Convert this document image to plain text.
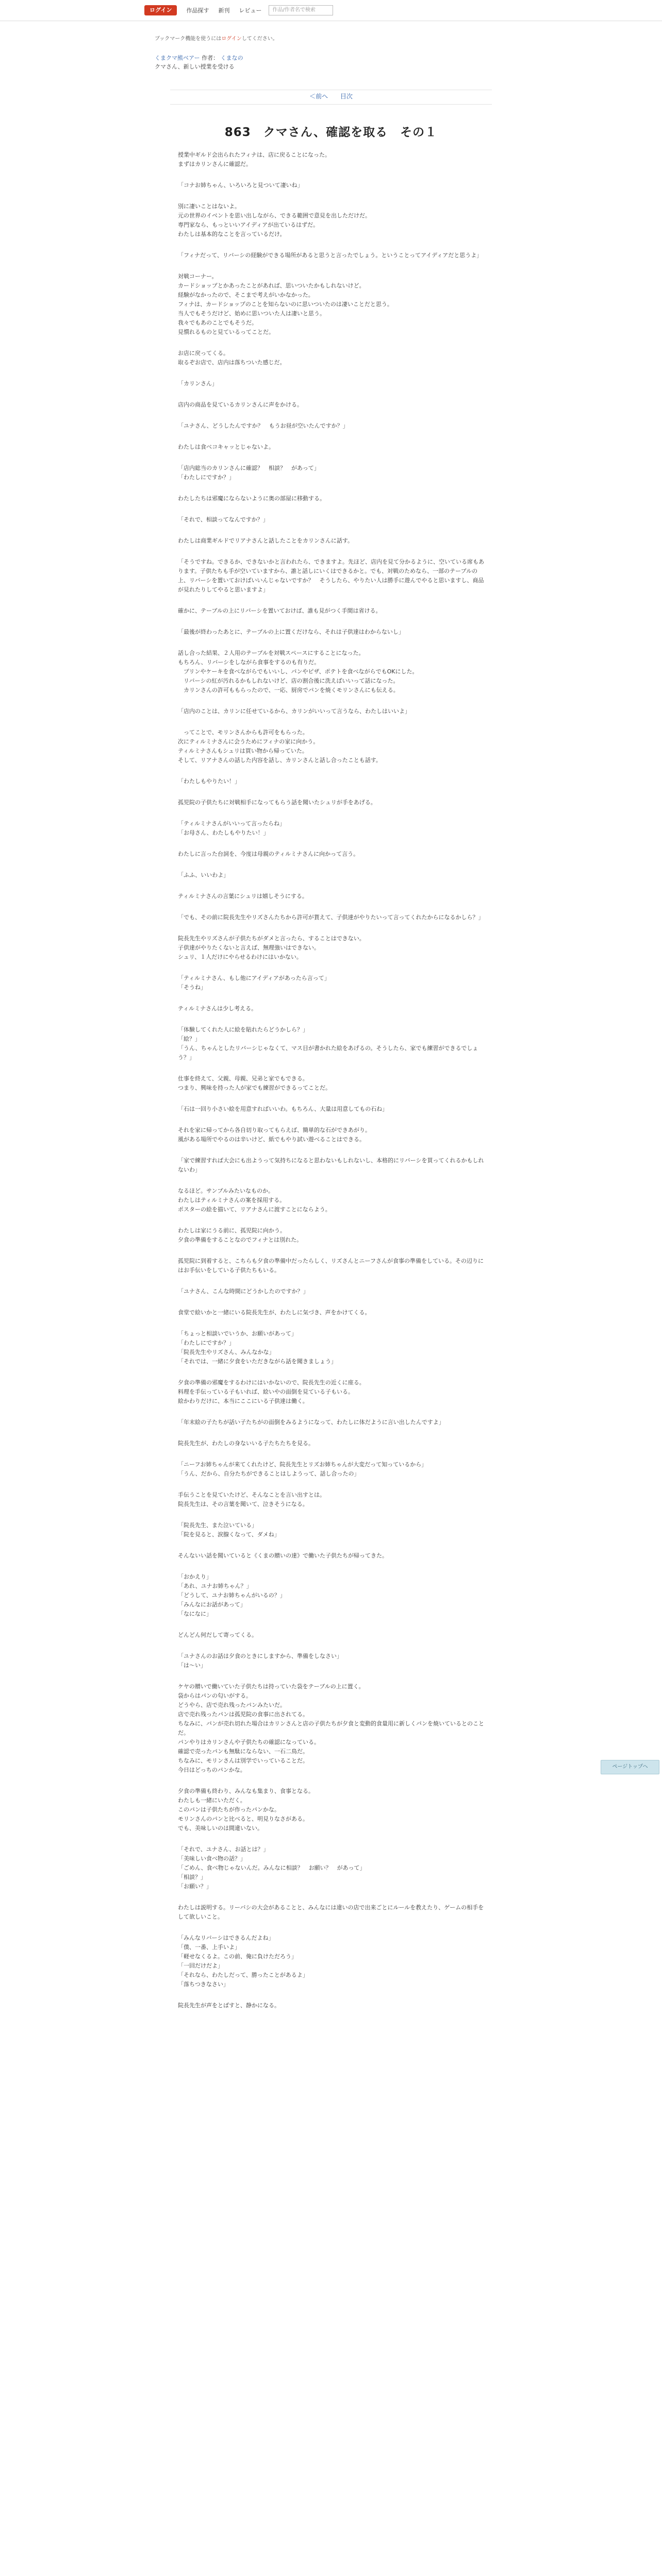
ログイン	作品探す 新刊 レビュー	作品/作者名で検索
ブックマーク機能を使うにはログインしてください。
くまクマ熊ベアー 作者： くまなの
クマさん、新しい授業を受ける
＜前へ 目次
863　クマさん、確認を取る　その１

授業中ギルド会出られたフィナは、店に戻ることになった。
まずはカリンさんに確認だ。

「コナお姉ちゃん、いろいろと見ついて凄いね」

別に凄いことはないよ。
元の世界のイベントを思い出しながら、できる範囲で意見を出しただけだ。
専門家なら、もっといいアイディアが出ているはずだ。
わたしは基本的なことを言っているだけ。

「フィナだって、リバーシの経験ができる場所があると思うと言ったでしょう。ということってアイディアだと思うよ」

対戦コーナー。
カードショップとかあったことがあれば、思いついたかもしれないけど。
経験がなかったので、そこまで考えがいかなかった。
フィナは、カードショップのことを知らないのに思いついたのは凄いことだと思う。
当人でもそうだけど、始めに思いついた人は凄いと思う。
我々でもあのことでもそうだ。
見慣れるものと見ているってことだ。

お店に戻ってくる。
取るぞお店で、店内は落ちついた感じだ。

「カリンさん」

店内の商品を見ているカリンさんに声をかける。

「ユナさん、どうしたんですか？　もうお昼が空いたんですか？」

わたしは食べコキャッとじゃないよ。

「店内総当のカリンさんに確認？　相談？　があって」
「わたしにですか？」

わたしたちは邪魔にならないように奥の部屋に移動する。

「それで、相談ってなんですか？」

わたしは商業ギルドでリアナさんと話したことをカリンさんに話す。

「そうですね。できるか、できないかと言われたら、できますよ。先ほど、店内を見て分かるように、空いている席もあります。子供たちも手が空いていますから、誰と話しにいくはできるかと。でも、対戦のためなら、一部のテーブルの上、リバーシを置いておけばいいんじゃないですか？　そうしたら、やりたい人は勝手に遊んでやると思いますし、商品が見れたりしてやると思いますよ」

確かに、テーブルの上にリバーシを置いておけば、誰も見がつく手間は省ける。

「最後が終わったあとに、テーブルの上に置くだけなら、それは子供達はわからないし」

話し合った結果、２人用のテーブルを対戦スペースにすることになった。
もちろん、リバーシをしながら食事をするのも有りだ。
　プリンやケーキを食べながらでもいいし、パンやピザ、ポテトを食べながらでもOKにした。
　リバーシの紅が汚れるかもしれないけど、店の割合後に洗えばいいって話になった。
　カリンさんの許可ももらったので、一応、厨房でパンを焼くモリンさんにも伝える。

「店内のことは、カリンに任せているから、カリンがいいって言うなら、わたしはいいよ」

　ってことで、モリンさんからも許可をもらった。
次にティルミナさんに会うためにフィナの家に向かう。
ティルミナさんもシュリは買い物から帰っていた。
そして、リアナさんの話した内容を話し、カリンさんと話し合ったことも話す。

「わたしもやりたい！」

孤児院の子供たちに対戦相手になってもらう話を聞いたシュリが手をあげる。

「ティルミナさんがいいって言ったらね」
「お母さん、わたしもやりたい！」

わたしに言った台詞を、今度は母親のティルミナさんに向かって言う。

「ふふ、いいわよ」

ティルミナさんの言葉にシュリは嬉しそうにする。

「でも、その前に院長先生やリズさんたちから許可が貰えて、子供達がやりたいって言ってくれたからになるかしら？」

院長先生やリズさんが子供たちがダメと言ったら、することはできない。
子供達がやりたくないと言えば、無理強いはできない。
シュリ、１人だけにやらせるわけにはいかない。

「ティルミナさん、もし他にアイディアがあったら言って」
「そうね」

ティルミナさんは少し考える。

「体験してくれた人に絵を貼れたらどうかしら？」
「絵？」
「うん、ちゃんとしたリバーシじゃなくて、マス目が書かれた絵をあげるの。そうしたら、家でも練習ができるでしょう？」

仕事を終えて、父親、母親、兄弟と家でもできる。
つまり、興味を持った人が家でも練習ができるってことだ。

「石は一回り小さい絵を用意すればいいわ。もちろん、大量は用意してもの石ね」

それを家に帰ってから各自切り取ってもらえば、簡単的な石ができあがり。
風がある場所でやるのは辛いけど、紙でもやり試い遊べることはできる。

「家で練習すれば大会にも出ようって気持ちになると思わないもしれないし、本格的にリバーシを買ってくれるかもしれないわ」

なるほど。サンプルみたいなものか。
わたしはティルミナさんの案を採用する。
ポスターの絵を描いて、リアナさんに渡すことにならよう。

わたしは家にうる前に、孤児院に向かう。
夕食の準備をすることなのでフィナとは別れた。

孤児院に到着すると、こちらも夕食の準備中だったらしく、リズさんとニーフさんが食事の準備をしている。その辺りにはお手伝いをしている子供たちもいる。

「ユナさん、こんな時間にどうかしたのですか？」

食堂で絵いかと一緒にいる院長先生が、わたしに気づき、声をかけてくる。

「ちょっと相談いでいうか、お願いがあって」
「わたしにですか？」
「院長先生やリズさん、みんなかな」
「それでは、一緒に夕食をいただきながら話を聞きましょう」

夕食の準備の邪魔をするわけにはいかないので、院長先生の近くに座る。
料理を手伝っている子もいれば、絵いやの面倒を見ている子もいる。
絵かわりだけに、本当にここにいる子供達は働く。

「年末絵の子たちが話い子たちがの面倒をみるようになって、わたしに体だように言い出したんですよ」

院長先生が、わたしの身ないいる子たちたちを見る。

「ニーフお姉ちゃんが来てくれたけど、院長先生とリズお姉ちゃんが大変だって知っているから」
「うん、だから、自分たちができることはしようって、話し合ったの」

手伝うことを見ていたけど、そんなことを言い出すとは。
院長先生は、その言葉を聞いて、泣きそうになる。

「院長先生、また泣いている」
「院を見ると、涙腺くなって、ダメね」

そんないい話を聞いていると《くまの贈いの達》で働いた子供たちが帰ってきた。

「おかえり」
「あれ、ユナお姉ちゃん？」
「どうして、ユナお姉ちゃんがいるの？」
「みんなにお話があって」
「なになに」

どんどん何だして寄ってくる。

「ユナさんのお話は夕食のときにしますから、準備をしなさい」
「は〜い」

ケヤの贈いで働いていた子供たちは持っていた袋をテーブルの上に置く。
袋からはパンの匂いがする。
どうやら、店で売れ残ったパンみたいだ。
店で売れ残ったパンは孤児院の食事に出されてる。
ちなみに、パンが売れ切れた場合はカリンさんと店の子供たちが夕食と変動的食量用に新しくパンを焼いているとのことだ。
パンやりはカリンさんや子供たちの確認になっている。
確認で売ったパンも無駄にならない、一石二鳥だ。
ちなみに、モリンさんは別学でいっていることだ。
今日はどっちのパンかな。

夕食の準備も終わり、みんなも集まり、食事となる。
わたしも一緒にいただく。
このパンは子供たちが作ったパンかな。
モリンさんのパンと比べると、明見りなさがある。
でも、美味しいのは間違いない。

「それで、ユナさん、お話とは？」
「美味しい食べ物の話？」
「ごめん、食べ物じゃないんだ。みんなに相談？　お願い？　があって」
「相談？」
「お願い？」

わたしは説明する。リーバシの大会があることと、みんなには違いの店で出来ごとにルールを教えたり、ゲームの相手をして欲しいこと。

「みんなリバーシはできるんだよね」
「僕、一番、上手いよ」
「軽せなくるよ。この前、俺に負けただろう」
「一回だけだよ」
「それなら、わたしだって、勝ったことがあるよ」
「落ちつきなさい」

院長先生が声をとばすと、静かになる。

ページトップへ
